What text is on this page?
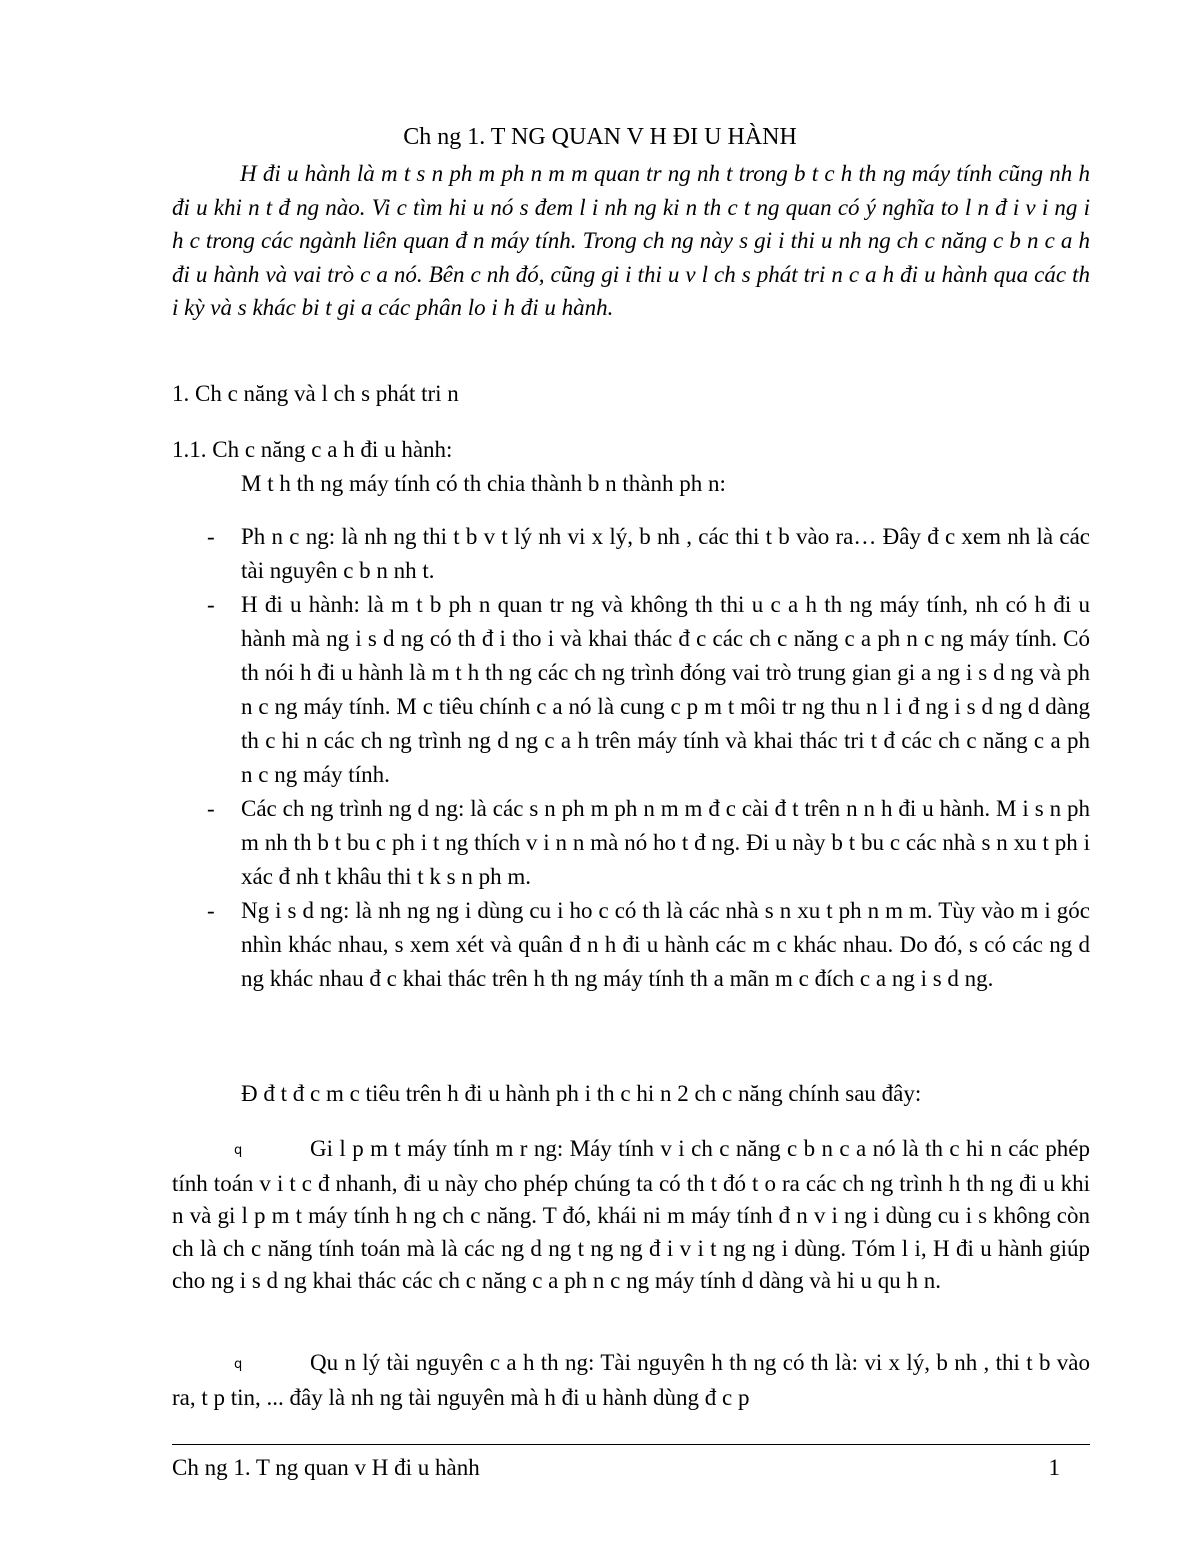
Ch ng 1. T NG QUAN V H ĐI U HÀNH

H đi u hành là m t s n ph m ph n m m quan tr ng nh t trong b t c h th ng máy tính cũng nh h đi u khi n t đ ng nào. Vi c tìm hi u nó s đem l i nh ng ki n th c t ng quan có ý nghĩa to l n đ i v i ng i h c trong các ngành liên quan đ n máy tính. Trong ch ng này s gi i thi u nh ng ch c năng c b n c a h đi u hành và vai trò c a nó. Bên c nh đó, cũng gi i thi u v l ch s phát tri n c a h đi u hành qua các th i kỳ và s khác bi t gi a các phân lo i h đi u hành.

1. Ch c năng và l ch s phát tri n

1.1. Ch c năng c a h đi u hành:

M t h th ng máy tính có th chia thành b n thành ph n:

- Ph n c ng: là nh ng thi t b v t lý nh vi x lý, b nh , các thi t b vào ra… Đây đ c xem nh là các tài nguyên c b n nh t.
- H đi u hành: là m t b ph n quan tr ng và không th thi u c a h th ng máy tính, nh có h đi u hành mà ng i s d ng có th đ i tho i và khai thác đ c các ch c năng c a ph n c ng máy tính. Có th nói h đi u hành là m t h th ng các ch ng trình đóng vai trò trung gian gi a ng i s d ng và ph n c ng máy tính. M c tiêu chính c a nó là cung c p m t môi tr ng thu n l i đ ng i s d ng d dàng th c hi n các ch ng trình ng d ng c a h trên máy tính và khai thác tri t đ các ch c năng c a ph n c ng máy tính.
- Các ch ng trình ng d ng: là các s n ph m ph n m m đ c cài đ t trên n n h đi u hành. M i s n ph m nh th b t bu c ph i t ng thích v i n n mà nó ho t đ ng. Đi u này b t bu c các nhà s n xu t ph i xác đ nh t khâu thi t k s n ph m.
- Ng i s d ng: là nh ng ng i dùng cu i ho c có th là các nhà s n xu t ph n m m. Tùy vào m i góc nhìn khác nhau, s xem xét và quân đ n h đi u hành các m c khác nhau. Do đó, s có các ng d ng khác nhau đ c khai thác trên h th ng máy tính th a mãn m c đích c a ng i s d ng.

Đ đ t đ c m c tiêu trên h đi u hành ph i th c hi n 2 ch c năng chính sau đây:

q	Gi l p m t máy tính m r ng: Máy tính v i ch c năng c b n c a nó là th c hi n các phép tính toán v i t c đ nhanh, đi u này cho phép chúng ta có th t đó t o ra các ch ng trình h th ng đi u khi n và gi l p m t máy tính h ng ch c năng. T đó, khái ni m máy tính đ n v i ng i dùng cu i s không còn ch là ch c năng tính toán mà là các ng d ng t ng ng đ i v i t ng ng i dùng. Tóm l i, H đi u hành giúp cho ng i s d ng khai thác các ch c năng c a ph n c ng máy tính d dàng và hi u qu h n.

q	Qu n lý tài nguyên c a h th ng: Tài nguyên h th ng có th là: vi x lý, b nh , thi t b vào ra, t p tin, ... đây là nh ng tài nguyên mà h đi u hành dùng đ c p

Ch ng 1. T ng quan v H đi u hành	1
